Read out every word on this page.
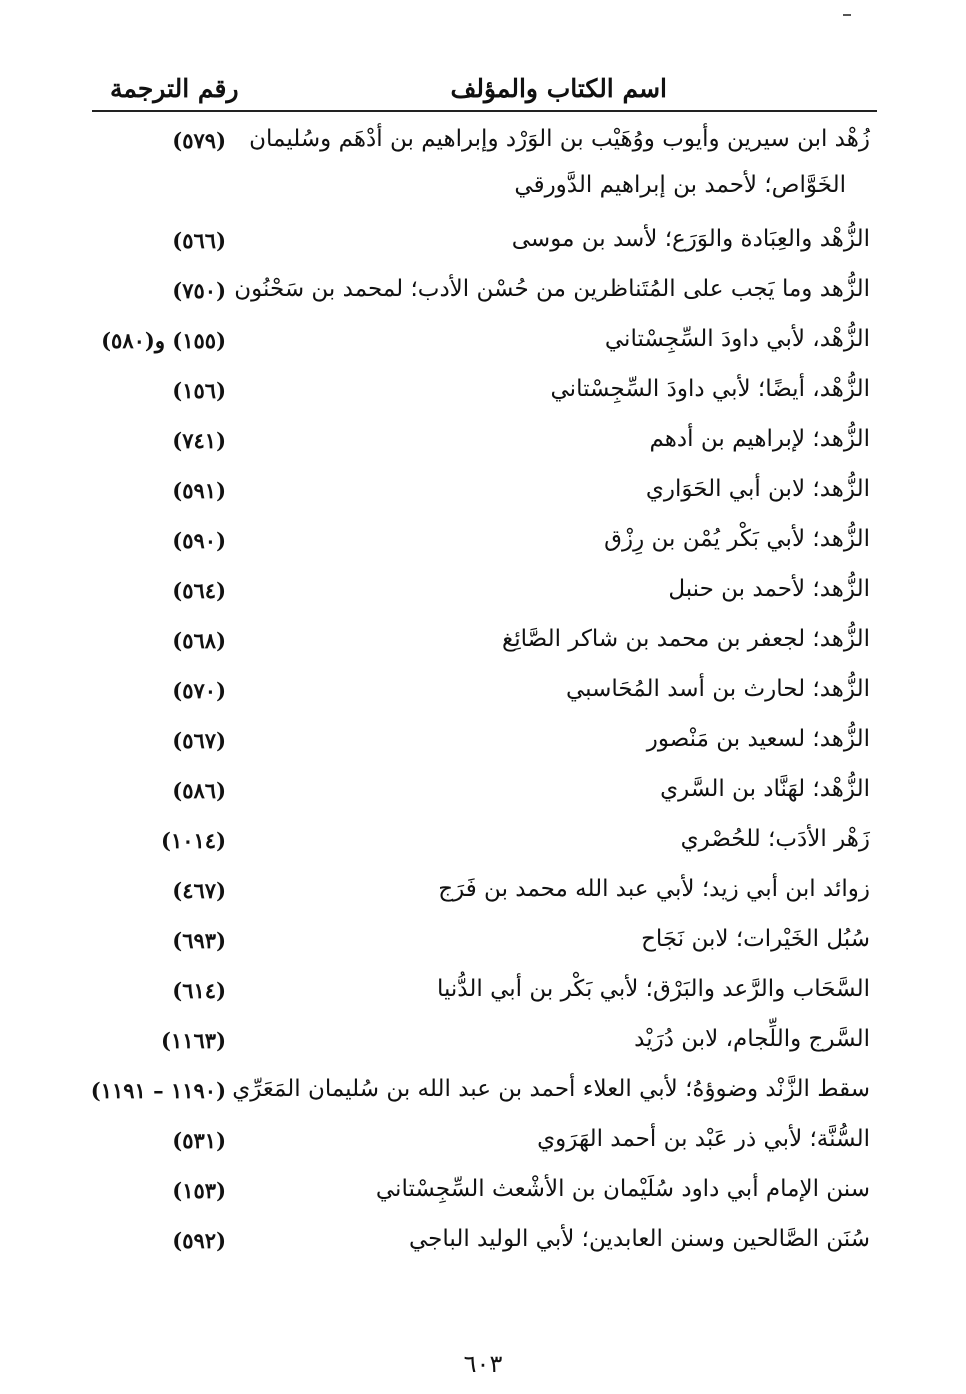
اسم الكتاب والمؤلف
رقم الترجمة
زُهْد ابن سيرين وأيوب ووُهَيْب بن الوَرْد وإبراهيم بن أدْهَم وسُليمان
(٥٧٩)
الخَوَّاص؛ لأحمد بن إبراهيم الدَّورقي
الزُّهْد والعِبَادة والوَرَع؛ لأسد بن موسى
(٥٦٦)
الزُّهد وما يَجب على المُتَناظرين من حُسْن الأدب؛ لمحمد بن سَحْنُون
(٧٥٠)
الزُّهْد، لأبي داودَ السِّجِسْتاني
(١٥٥) و(٥٨٠)
الزُّهْد، أيضًا؛ لأبي داودَ السِّجِسْتاني
(١٥٦)
الزُّهد؛ لإبراهيم بن أدهم
(٧٤١)
الزُّهد؛ لابن أبي الحَوَاري
(٥٩١)
الزُّهد؛ لأبي بَكْر يُمْن بن رِزْق
(٥٩٠)
الزُّهد؛ لأحمد بن حنبل
(٥٦٤)
الزُّهد؛ لجعفر بن محمد بن شاكر الصَّائِغ
(٥٦٨)
الزُّهد؛ لحارث بن أسد المُحَاسبي
(٥٧٠)
الزُّهد؛ لسعيد بن مَنْصور
(٥٦٧)
الزُّهْد؛ لهَنَّاد بن السَّري
(٥٨٦)
زَهْر الأدَب؛ للحُصْري
(١٠١٤)
زوائد ابن أبي زيد؛ لأبي عبد الله محمد بن فَرَج
(٤٦٧)
سُبُل الخَيْرات؛ لابن نَجَاح
(٦٩٣)
السَّحَاب والرَّعد والبَرْق؛ لأبي بَكْر بن أبي الدُّنيا
(٦١٤)
السَّرج واللِّجام، لابن دُرَيْد
(١١٦٣)
سقط الزَّنْد وضوؤهُ؛ لأبي العلاء أحمد بن عبد الله بن سُليمان المَعَرِّي
(١١٩٠ – ١١٩١)
السُّنَّة؛ لأبي ذر عَبْد بن أحمد الهَرَوي
(٥٣١)
سنن الإمام أبي داود سُلَيْمان بن الأشْعث السِّجِسْتاني
(١٥٣)
سُنَن الصَّالحين وسنن العابدين؛ لأبي الوليد الباجي
(٥٩٢)
٦٠٣
